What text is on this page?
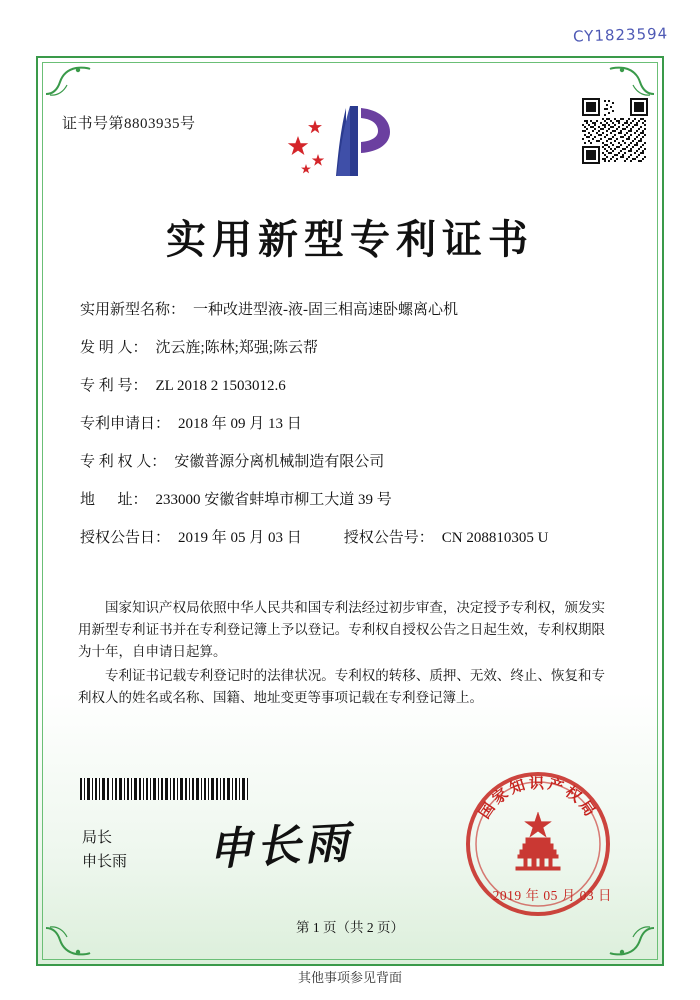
CY1823594
第 1 页（共 2 页）
证书号第8803935号
实用新型专利证书
实用新型名称： 一种改进型液-液-固三相高速卧螺离心机
发 明 人： 沈云旌;陈林;郑强;陈云帮
专 利 号： ZL 2018 2 1503012.6
专利申请日： 2018 年 09 月 13 日
专 利 权 人： 安徽普源分离机械制造有限公司
地      址： 233000 安徽省蚌埠市柳工大道 39 号
授权公告日： 2019 年 05 月 03 日	授权公告号： CN 208810305 U

国家知识产权局依照中华人民共和国专利法经过初步审查，决定授予专利权，颁发实用新型专利证书并在专利登记簿上予以登记。专利权自授权公告之日起生效，专利权期限为十年，自申请日起算。

专利证书记载专利登记时的法律状况。专利权的转移、质押、无效、终止、恢复和专利权人的姓名或名称、国籍、地址变更等事项记载在专利登记簿上。

局长
申长雨 申长雨
国家知识产权局
2019 年 05 月 03 日
其他事项参见背面
